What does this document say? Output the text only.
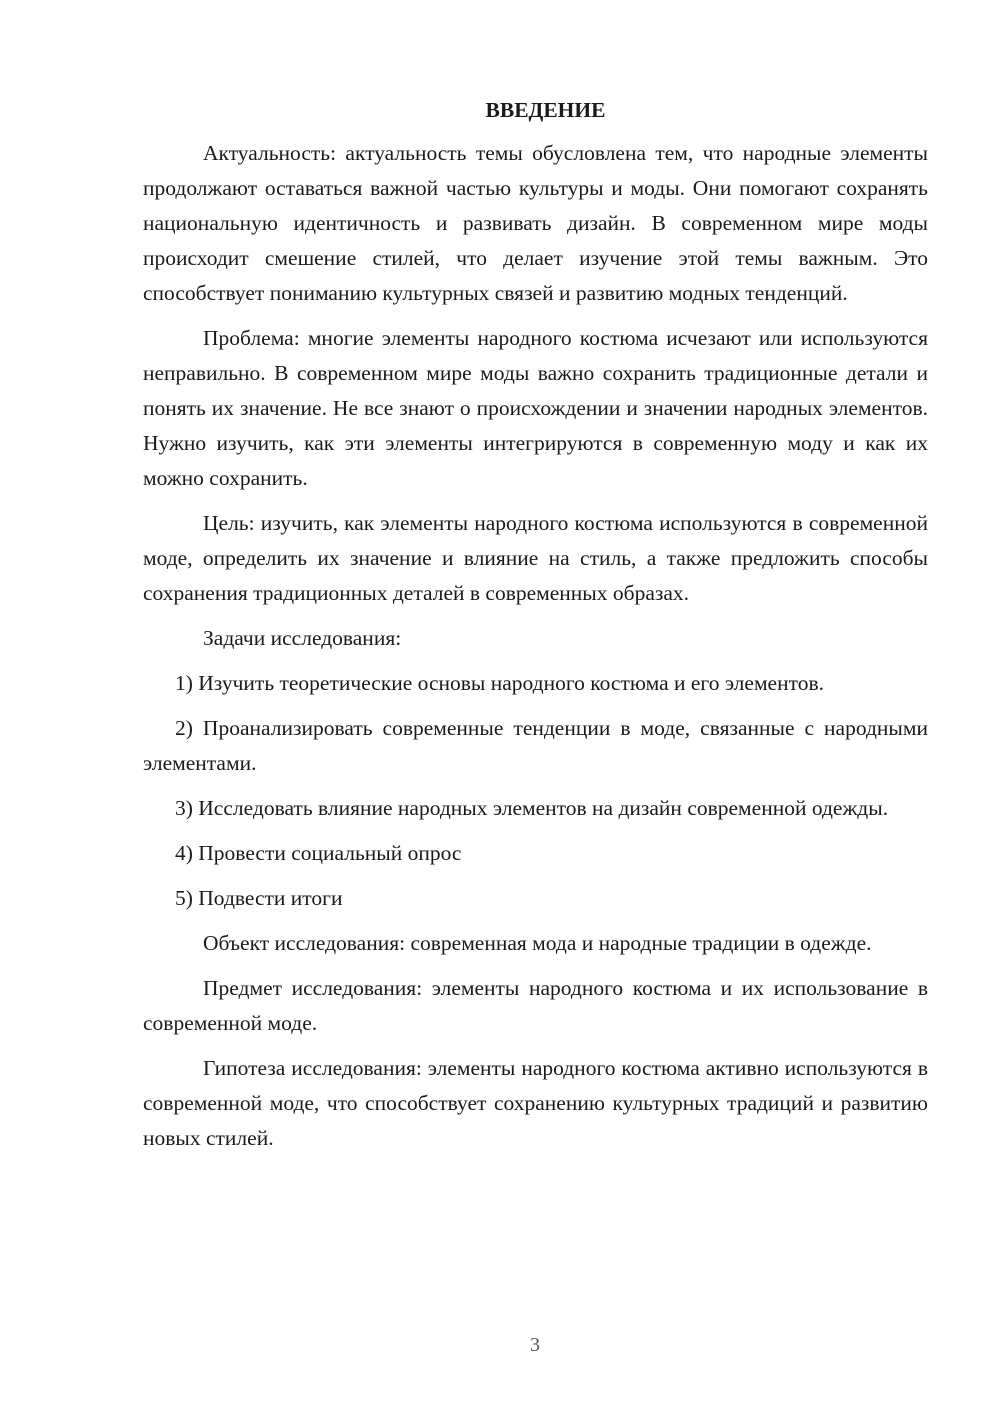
ВВЕДЕНИЕ

Актуальность: актуальность темы обусловлена тем, что народные элементы продолжают оставаться важной частью культуры и моды. Они помогают сохранять национальную идентичность и развивать дизайн. В современном мире моды происходит смешение стилей, что делает изучение этой темы важным. Это способствует пониманию культурных связей и развитию модных тенденций.

Проблема: многие элементы народного костюма исчезают или используются неправильно. В современном мире моды важно сохранить традиционные детали и понять их значение. Не все знают о происхождении и значении народных элементов. Нужно изучить, как эти элементы интегрируются в современную моду и как их можно сохранить.

Цель: изучить, как элементы народного костюма используются в современной моде, определить их значение и влияние на стиль, а также предложить способы сохранения традиционных деталей в современных образах.

Задачи исследования:

1) Изучить теоретические основы народного костюма и его элементов.

2) Проанализировать современные тенденции в моде, связанные с народными элементами.

3) Исследовать влияние народных элементов на дизайн современной одежды.

4) Провести социальный опрос

5) Подвести итоги

Объект исследования: современная мода и народные традиции в одежде.

Предмет исследования: элементы народного костюма и их использование в современной моде.

Гипотеза исследования: элементы народного костюма активно используются в современной моде, что способствует сохранению культурных традиций и развитию новых стилей.

3
